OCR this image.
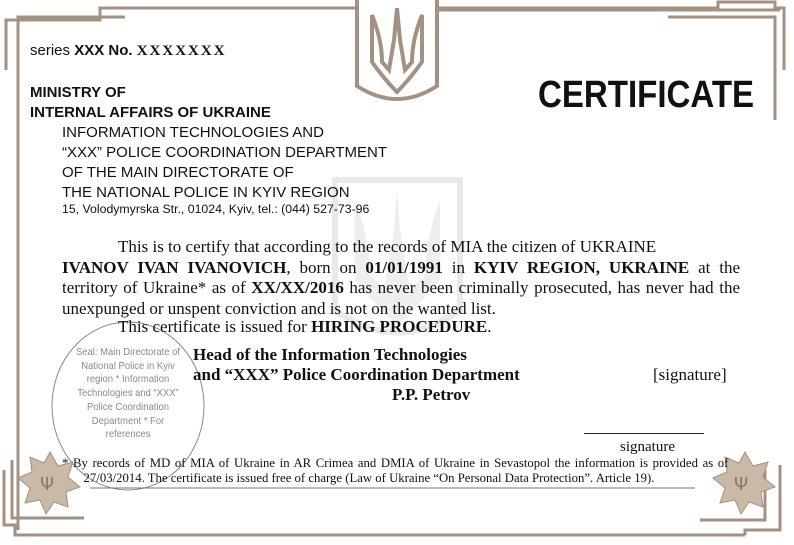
Ψ	Ψ
series XXX No. XXXXXXX
MINISTRY OF
INTERNAL AFFAIRS OF UKRAINE
INFORMATION TECHNOLOGIES AND
“XXX” POLICE COORDINATION DEPARTMENT
OF THE MAIN DIRECTORATE OF
THE NATIONAL POLICE IN KYIV REGION
15, Volodymyrska Str., 01024, Kyiv, tel.: (044) 527-73-96
CERTIFICATE
This is to certify that according to the records of MIA the citizen of UKRAINE
IVANOV IVAN IVANOVICH, born on 01/01/1991 in KYIV REGION, UKRAINE at the territory of Ukraine* as of XX/XX/2016 has never been criminally prosecuted, has never had the unexpunged or unspent conviction and is not on the wanted list.
This certificate is issued for HIRING PROCEDURE.
Head of the Information Technologies
and “XXX” Police Coordination Department
P.P. Petrov
[signature]
signature
Seal: Main Directorate of National Police in Kyiv region * Information Technologies and “XXX” Police Coordination Department * For references
* By records of MD of MIA of Ukraine in AR Crimea and DMIA of Ukraine in Sevastopol the information is provided as of
27/03/2014. The certificate is issued free of charge (Law of Ukraine “On Personal Data Protection”. Article 19).
